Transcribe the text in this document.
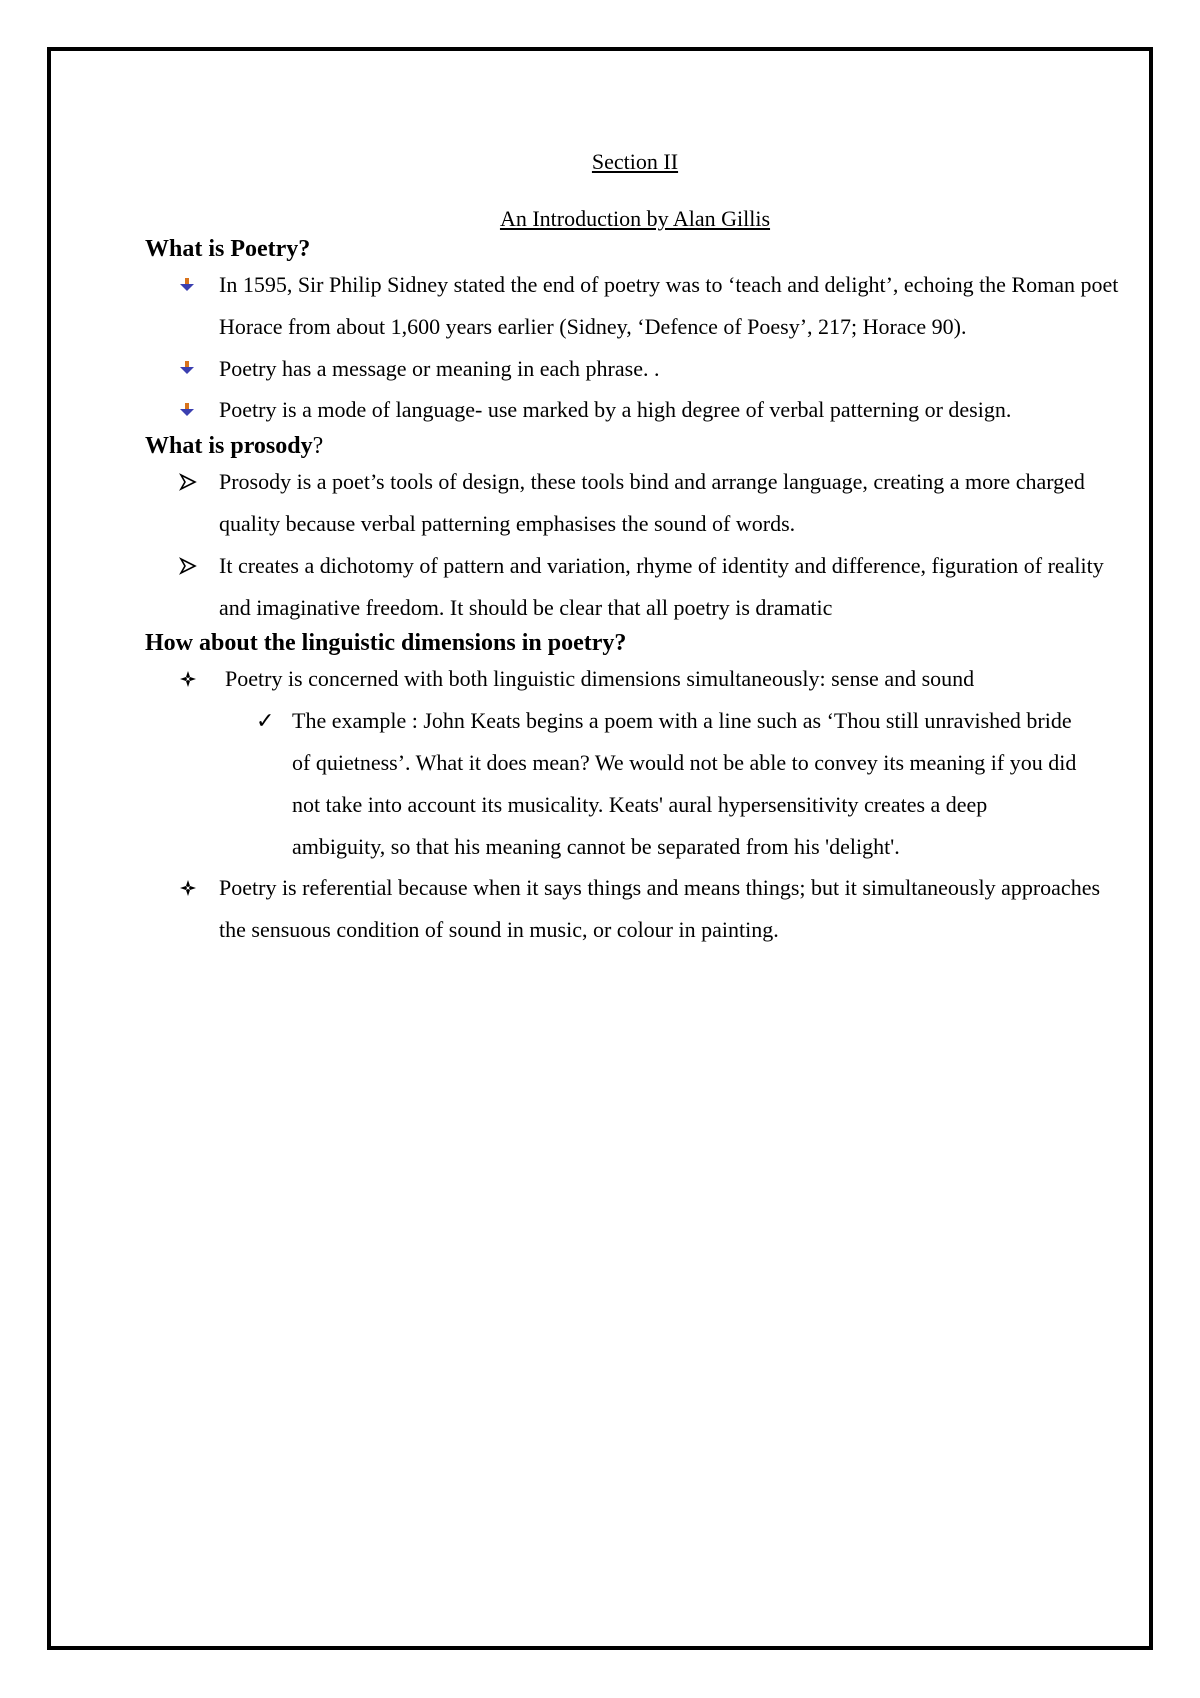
Section II

An Introduction by Alan Gillis

What is Poetry?
In 1595, Sir Philip Sidney stated the end of poetry was to ‘teach and delight’, echoing the Roman poet Horace from about 1,600 years earlier (Sidney, ‘Defence of Poesy’, 217; Horace 90).
Poetry has a message or meaning in each phrase. .
Poetry is a mode of language- use marked by a high degree of verbal patterning or design.
What is prosody?
Prosody is a poet’s tools of design, these tools bind and arrange language, creating a more charged quality because verbal patterning emphasises the sound of words.
It creates a dichotomy of pattern and variation, rhyme of identity and difference, figuration of reality and imaginative freedom. It should be clear that all poetry is dramatic
How about the linguistic dimensions in poetry?
Poetry is concerned with both linguistic dimensions simultaneously: sense and sound
✓ The example : John Keats begins a poem with a line such as ‘Thou still unravished bride of quietness’. What it does mean? We would not be able to convey its meaning if you did not take into account its musicality. Keats' aural hypersensitivity creates a deep ambiguity, so that his meaning cannot be separated from his 'delight'.
Poetry is referential because when it says things and means things; but it simultaneously approaches the sensuous condition of sound in music, or colour in painting.
